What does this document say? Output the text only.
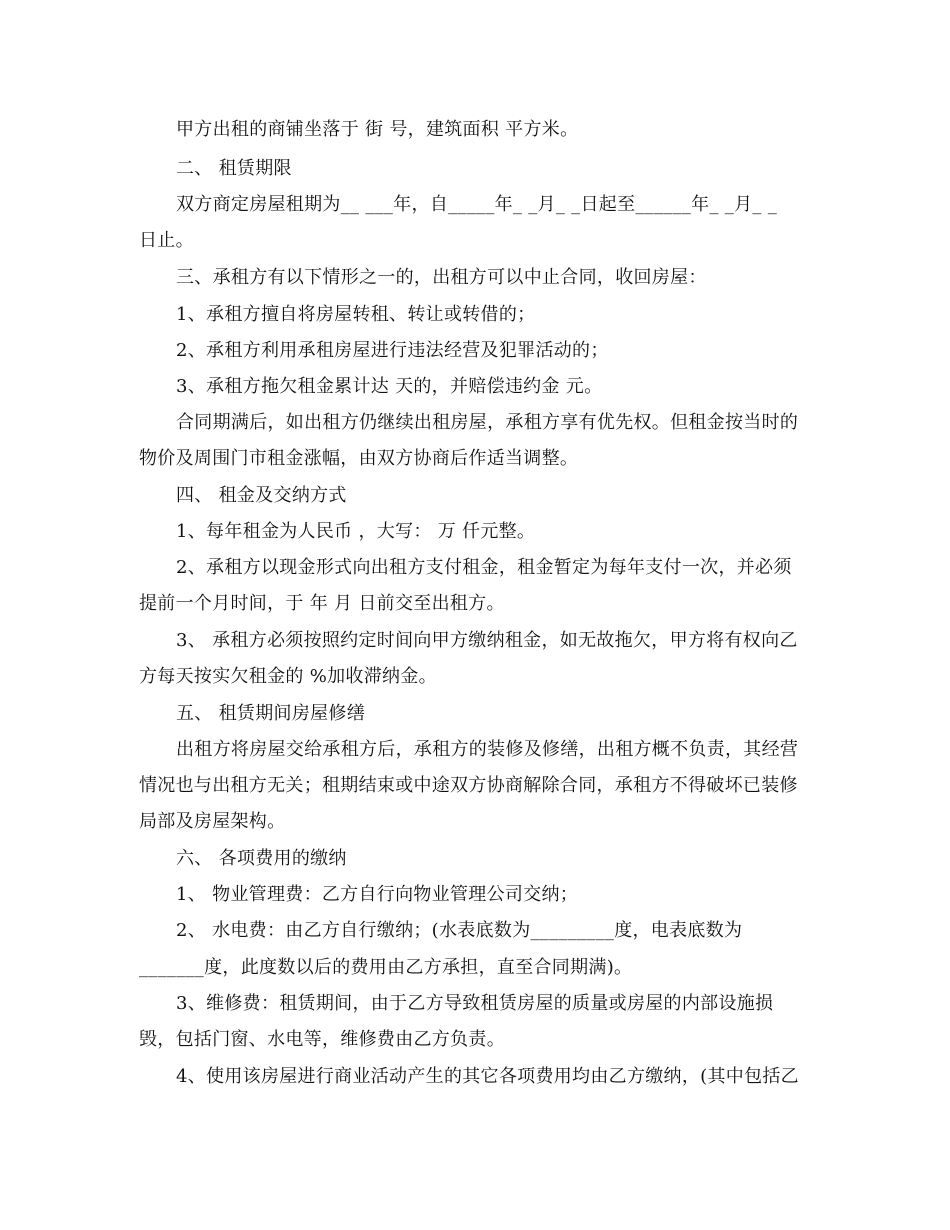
甲方出租的商铺坐落于 街 号，建筑面积 平方米。
二、 租赁期限
双方商定房屋租期为__ ___年，自_____年_ _月_ _日起至______年_ _月_ _
日止。
三、承租方有以下情形之一的，出租方可以中止合同，收回房屋：
1、承租方擅自将房屋转租、转让或转借的；
2、承租方利用承租房屋进行违法经营及犯罪活动的；
3、承租方拖欠租金累计达 天的，并赔偿违约金 元。
合同期满后，如出租方仍继续出租房屋，承租方享有优先权。但租金按当时的
物价及周围门市租金涨幅，由双方协商后作适当调整。
四、 租金及交纳方式
1、每年租金为人民币 ，大写： 万 仟元整。
2、承租方以现金形式向出租方支付租金，租金暂定为每年支付一次，并必须
提前一个月时间，于 年 月 日前交至出租方。
3、 承租方必须按照约定时间向甲方缴纳租金，如无故拖欠，甲方将有权向乙
方每天按实欠租金的 %加收滞纳金。
五、 租赁期间房屋修缮
出租方将房屋交给承租方后，承租方的装修及修缮，出租方概不负责，其经营
情况也与出租方无关；租期结束或中途双方协商解除合同，承租方不得破坏已装修
局部及房屋架构。
六、 各项费用的缴纳
1、 物业管理费：乙方自行向物业管理公司交纳；
2、 水电费：由乙方自行缴纳；(水表底数为_________度，电表底数为
_______度，此度数以后的费用由乙方承担，直至合同期满)。
3、维修费：租赁期间，由于乙方导致租赁房屋的质量或房屋的内部设施损
毁，包括门窗、水电等，维修费由乙方负责。
4、使用该房屋进行商业活动产生的其它各项费用均由乙方缴纳，(其中包括乙
